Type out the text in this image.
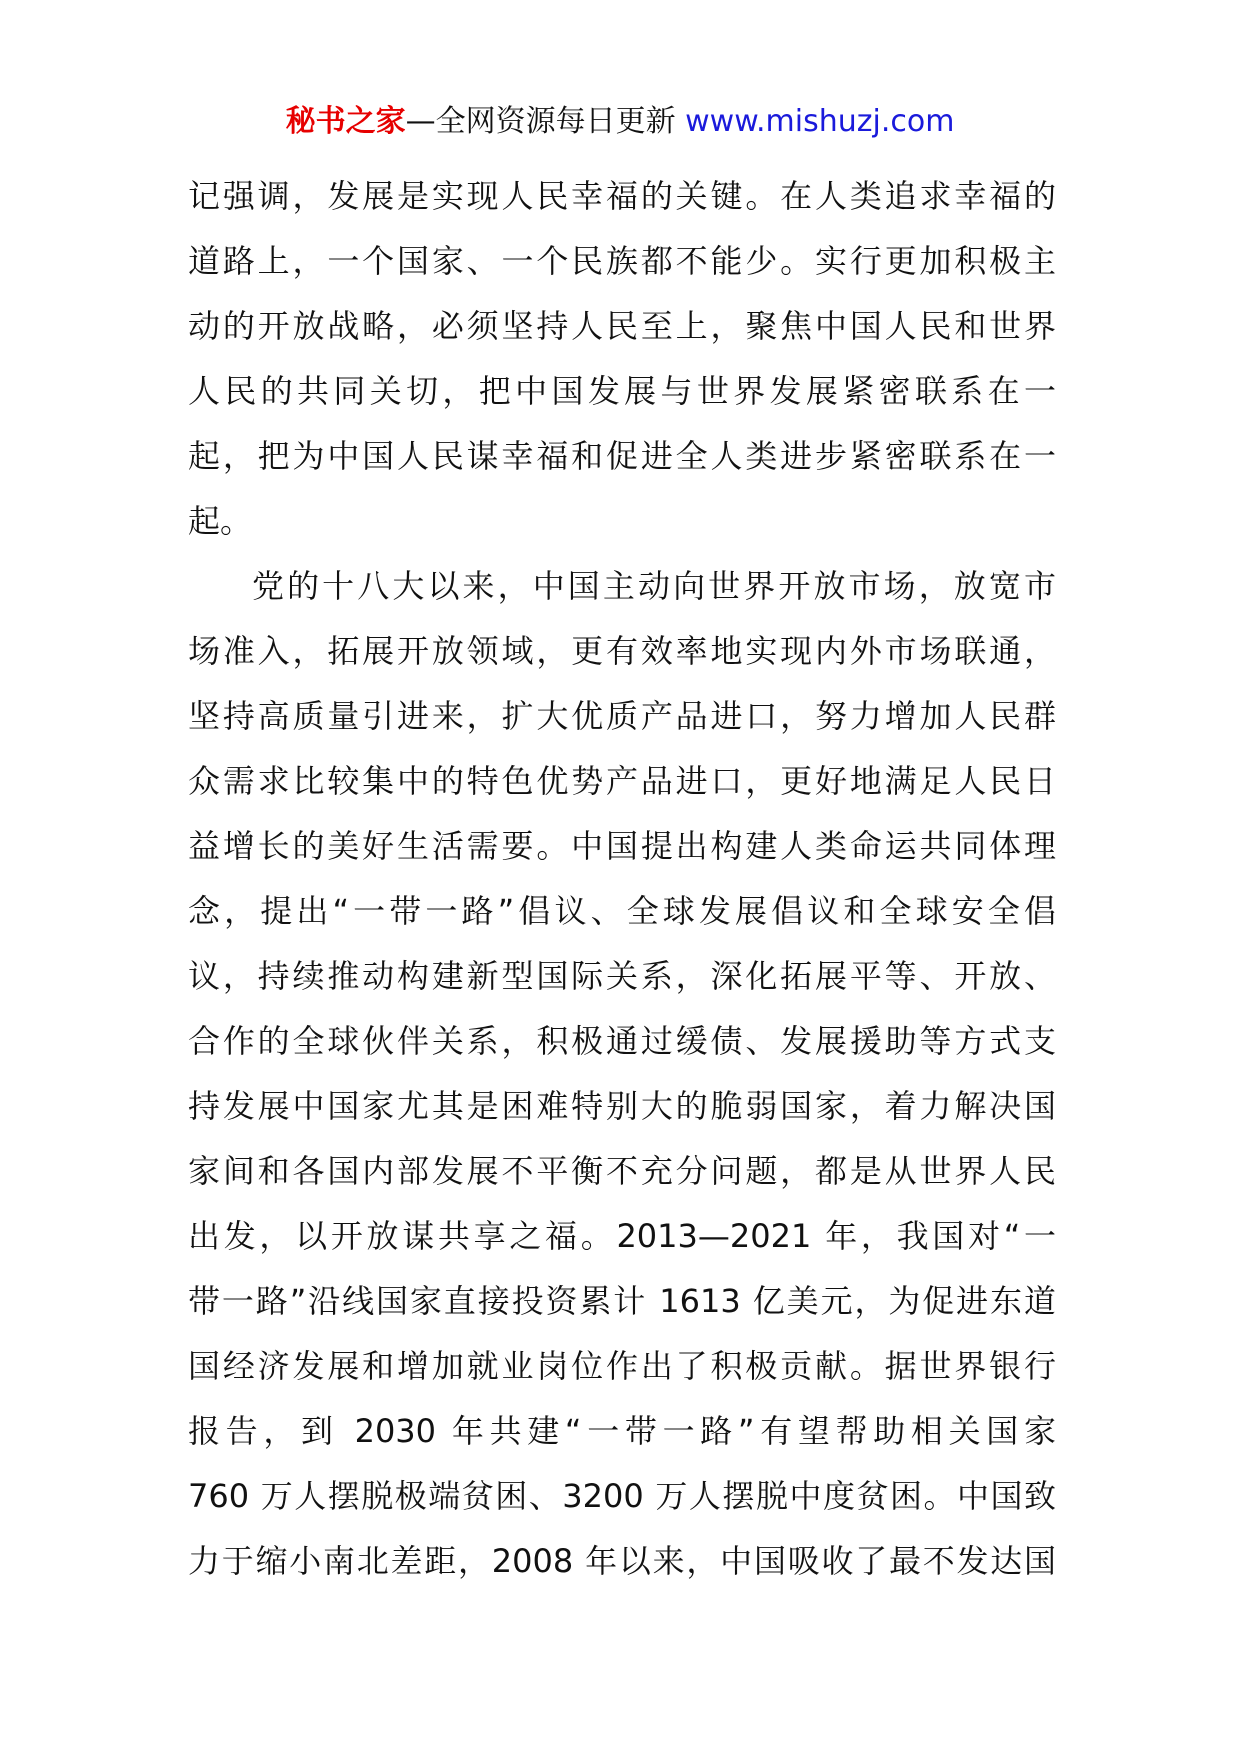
秘书之家—全网资源每日更新 www.mishuzj.com
记强调，发展是实现人民幸福的关键。在人类追求幸福的
道路上，一个国家、一个民族都不能少。实行更加积极主
动的开放战略，必须坚持人民至上，聚焦中国人民和世界
人民的共同关切，把中国发展与世界发展紧密联系在一
起，把为中国人民谋幸福和促进全人类进步紧密联系在一
起。
党的十八大以来，中国主动向世界开放市场，放宽市
场准入，拓展开放领域，更有效率地实现内外市场联通，
坚持高质量引进来，扩大优质产品进口，努力增加人民群
众需求比较集中的特色优势产品进口，更好地满足人民日
益增长的美好生活需要。中国提出构建人类命运共同体理
念，提出“一带一路”倡议、全球发展倡议和全球安全倡
议，持续推动构建新型国际关系，深化拓展平等、开放、
合作的全球伙伴关系，积极通过缓债、发展援助等方式支
持发展中国家尤其是困难特别大的脆弱国家，着力解决国
家间和各国内部发展不平衡不充分问题，都是从世界人民
出发，以开放谋共享之福。2013—2021 年，我国对“一
带一路”沿线国家直接投资累计 1613 亿美元，为促进东道
国经济发展和增加就业岗位作出了积极贡献。据世界银行
报告，到 2030 年共建“一带一路”有望帮助相关国家
760 万人摆脱极端贫困、3200 万人摆脱中度贫困。中国致
力于缩小南北差距，2008 年以来，中国吸收了最不发达国
